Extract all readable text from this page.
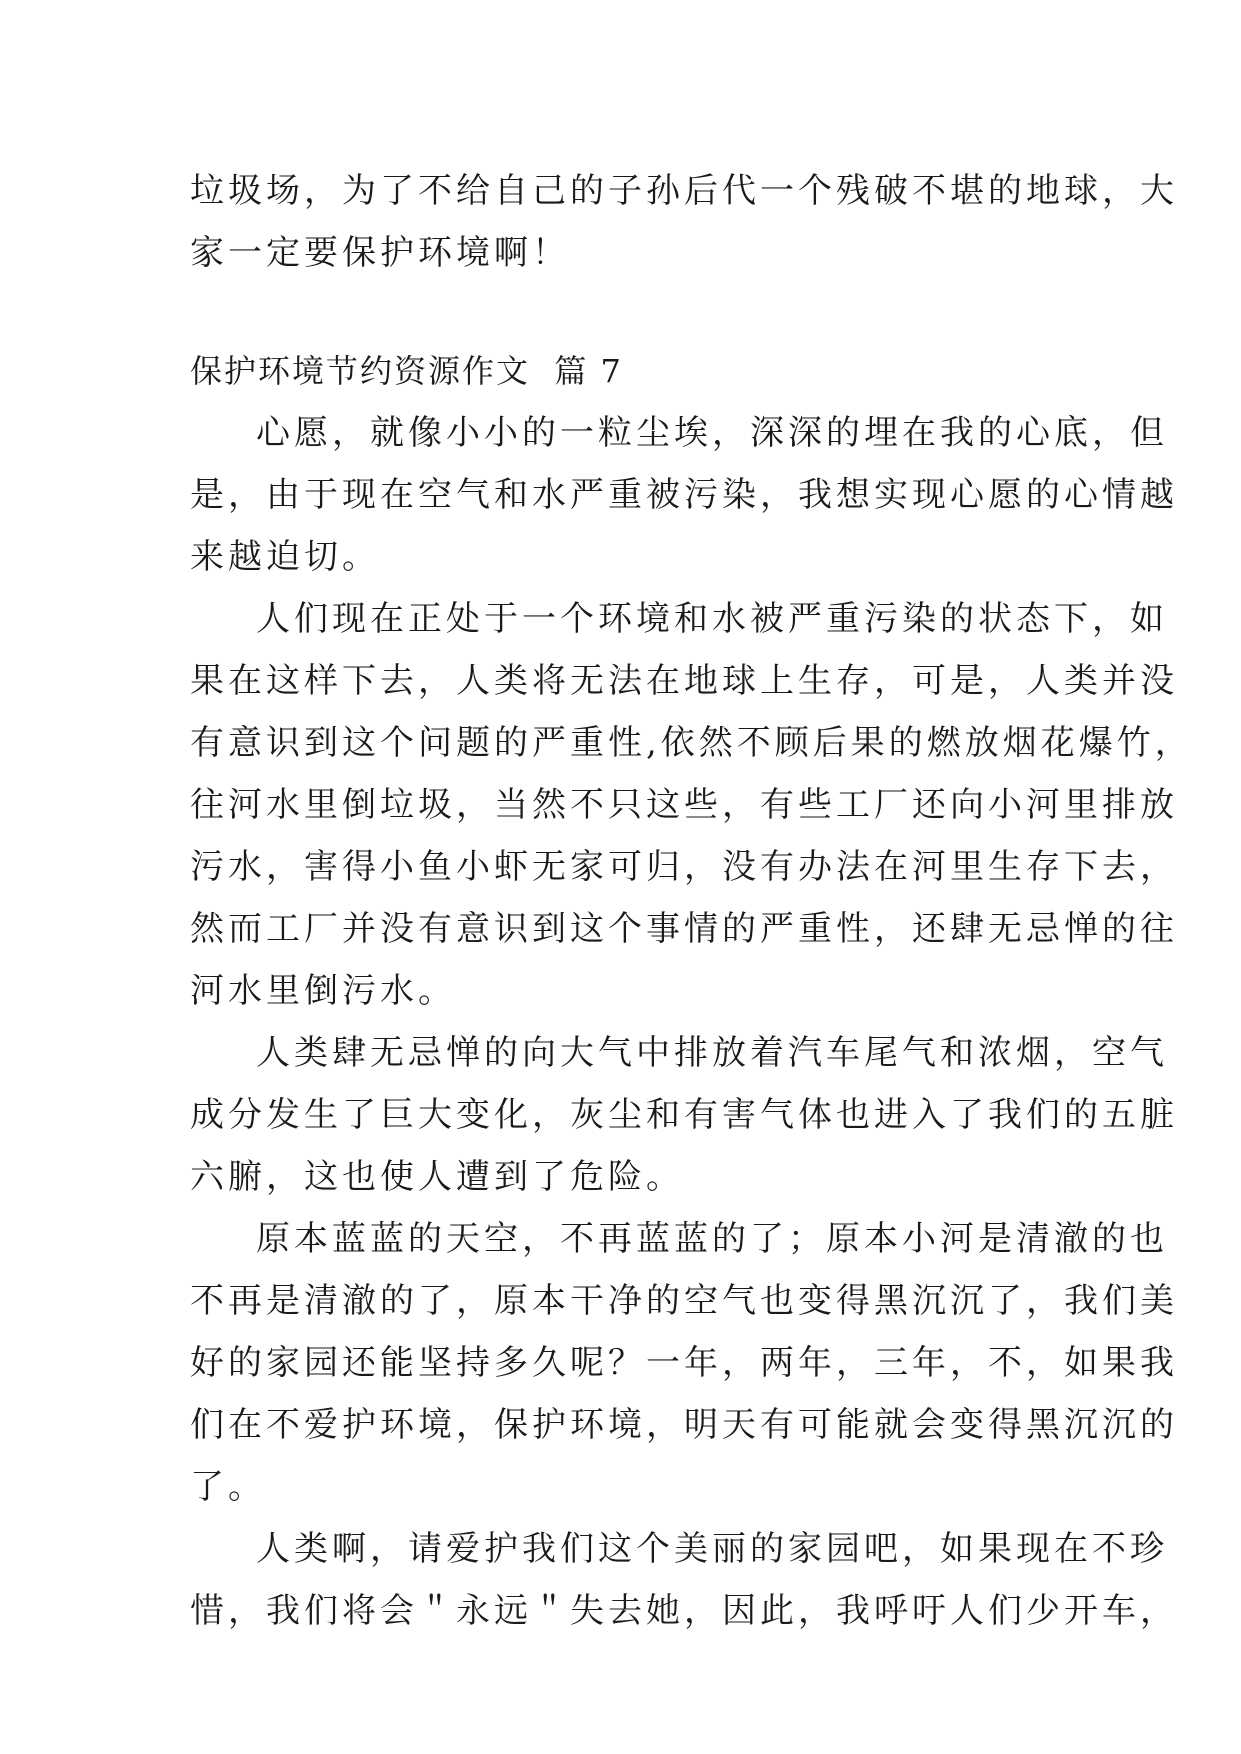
垃圾场，为了不给自己的子孙后代一个残破不堪的地球，大
家一定要保护环境啊！
保护环境节约资源作文  篇 7
心愿，就像小小的一粒尘埃，深深的埋在我的心底，但
是，由于现在空气和水严重被污染，我想实现心愿的心情越
来越迫切。
人们现在正处于一个环境和水被严重污染的状态下，如
果在这样下去，人类将无法在地球上生存，可是，人类并没
有意识到这个问题的严重性,依然不顾后果的燃放烟花爆竹，
往河水里倒垃圾，当然不只这些，有些工厂还向小河里排放
污水，害得小鱼小虾无家可归，没有办法在河里生存下去，
然而工厂并没有意识到这个事情的严重性，还肆无忌惮的往
河水里倒污水。
人类肆无忌惮的向大气中排放着汽车尾气和浓烟，空气
成分发生了巨大变化，灰尘和有害气体也进入了我们的五脏
六腑，这也使人遭到了危险。
原本蓝蓝的天空，不再蓝蓝的了；原本小河是清澈的也
不再是清澈的了，原本干净的空气也变得黑沉沉了，我们美
好的家园还能坚持多久呢？一年，两年，三年，不，如果我
们在不爱护环境，保护环境，明天有可能就会变得黑沉沉的
了。
人类啊，请爱护我们这个美丽的家园吧，如果现在不珍
惜，我们将会＂永远＂失去她，因此，我呼吁人们少开车，
